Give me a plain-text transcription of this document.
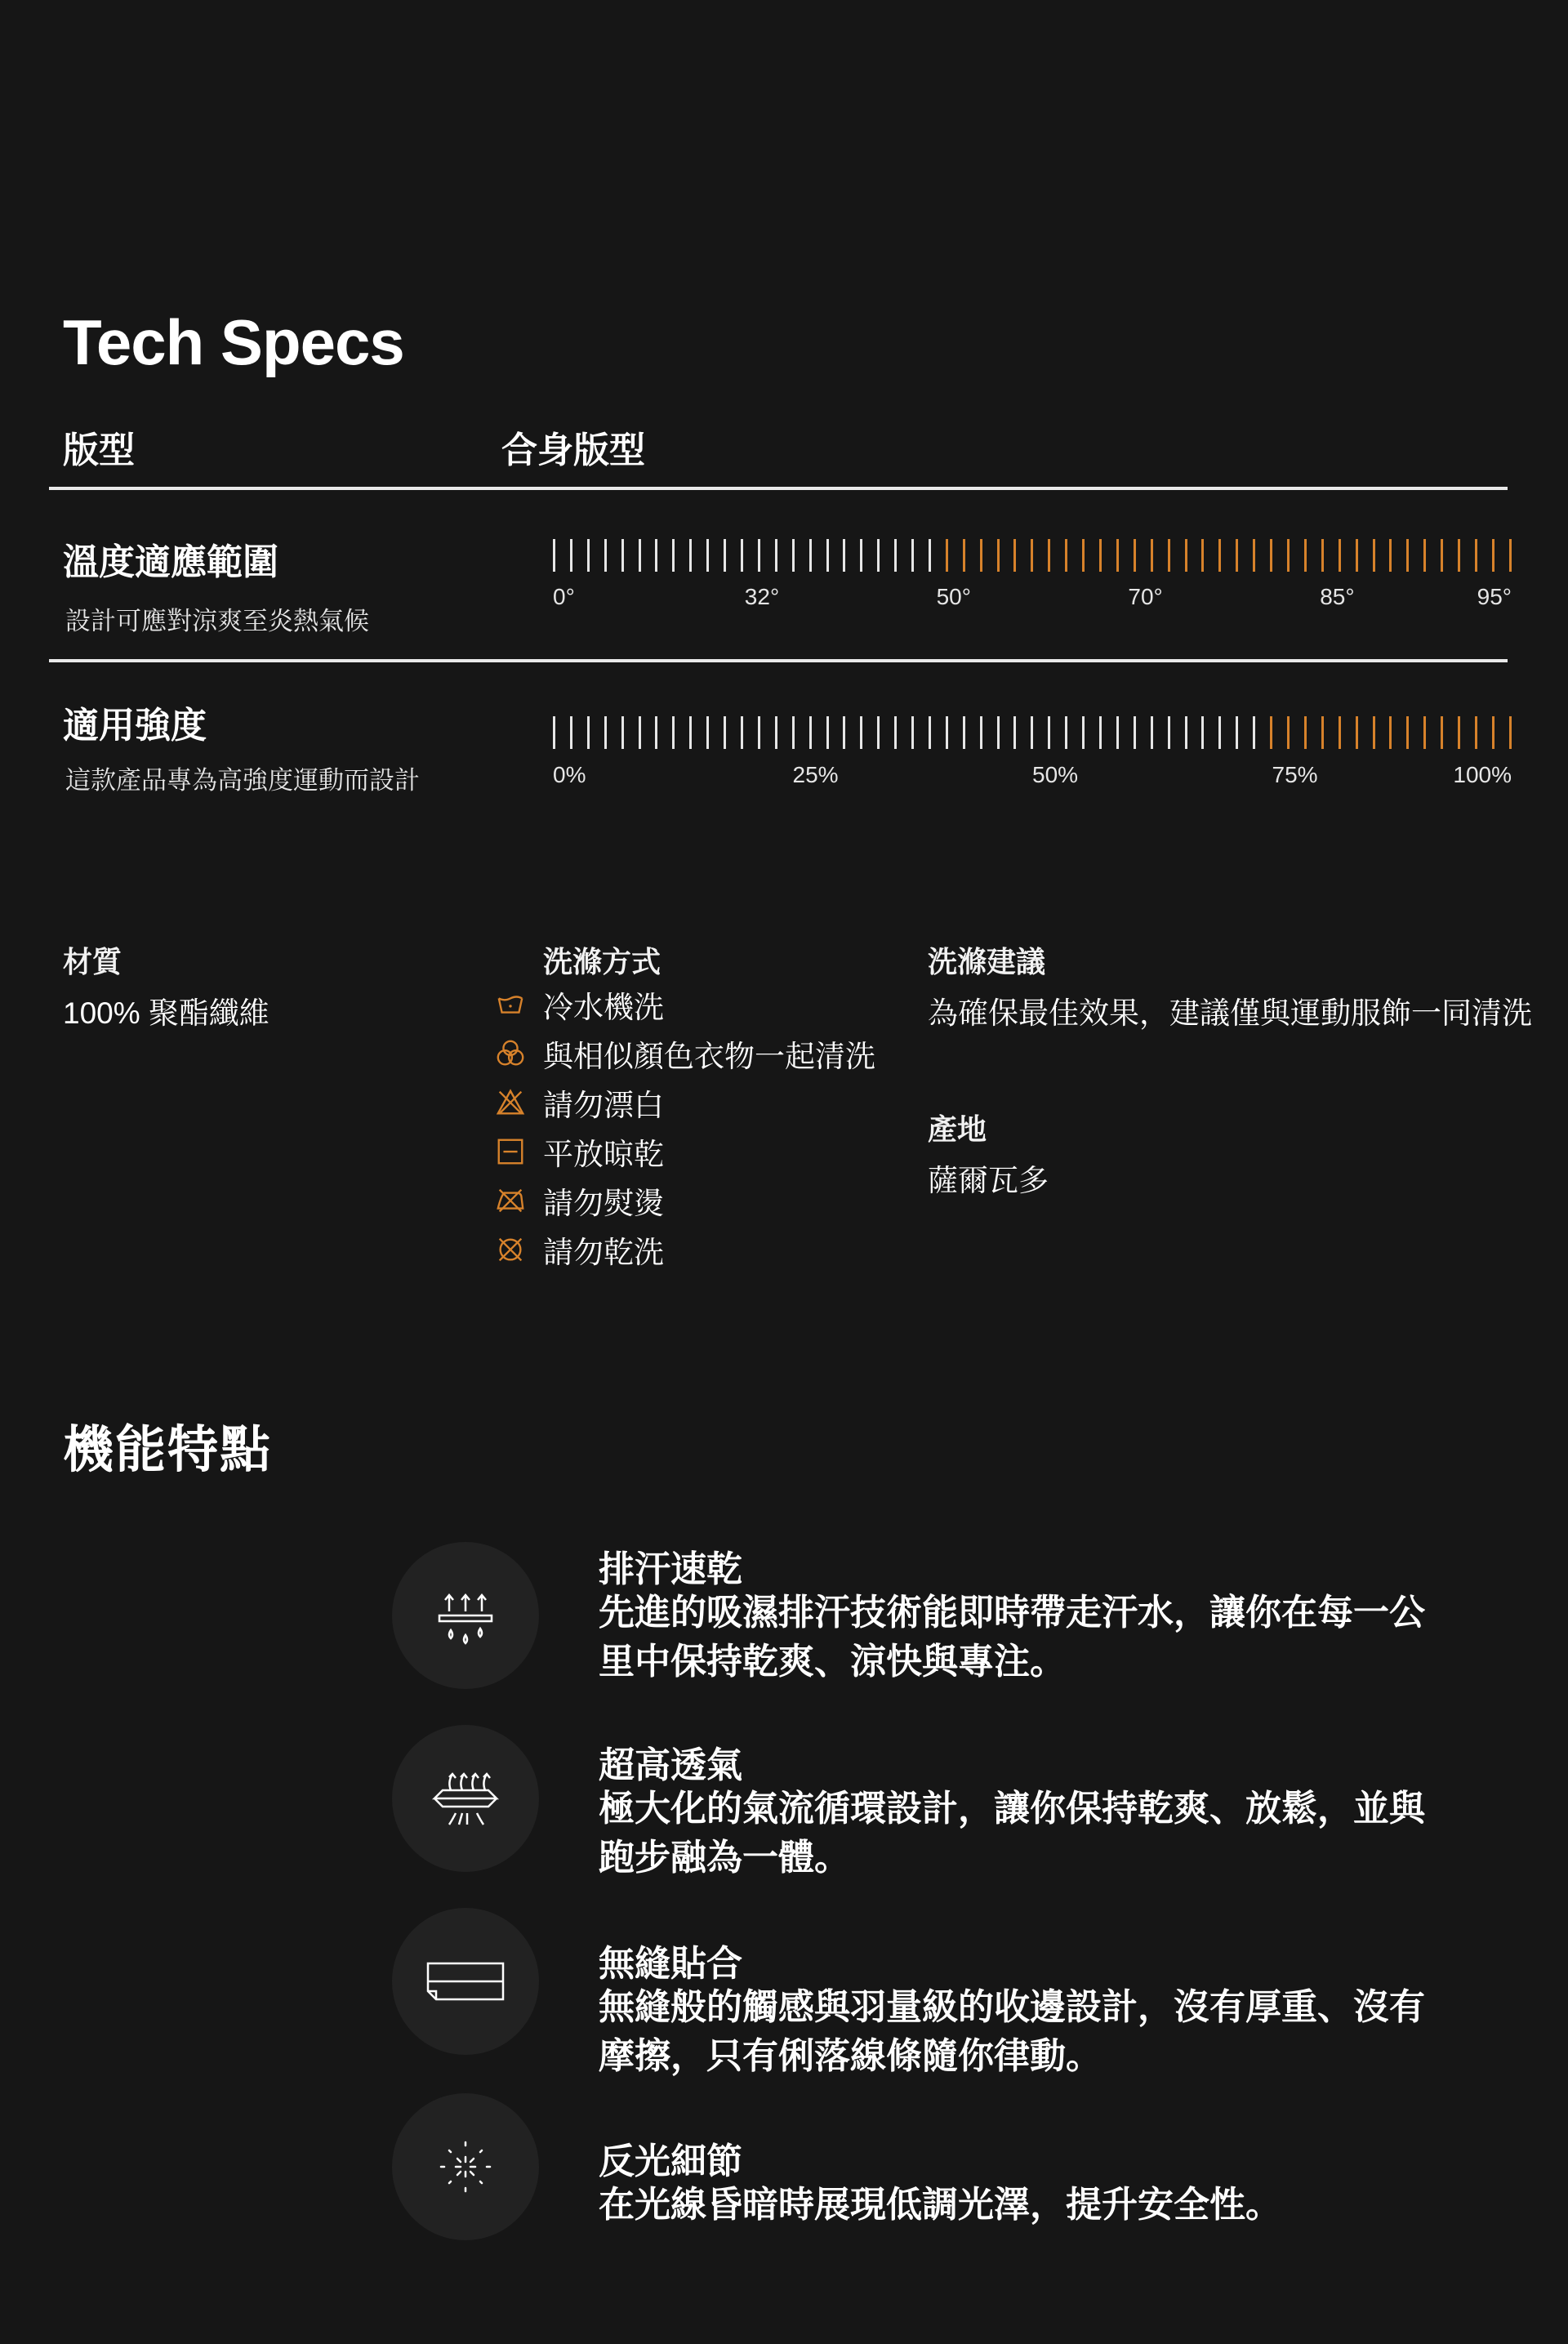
Tech Specs
版型	合身版型
溫度適應範圍
設計可應對涼爽至炎熱氣候
0°	32°	50°	70°	85°	95°
適用強度
這款產品專為高強度運動而設計	0%	25%	50%	75%	100%
材質
100% 聚酯纖維
洗滌方式
冷水機洗
與相似顏色衣物一起清洗
請勿漂白
平放晾乾
請勿熨燙
請勿乾洗
洗滌建議
為確保最佳效果，建議僅與運動服飾一同清洗
產地
薩爾瓦多
機能特點
排汗速乾
先進的吸濕排汗技術能即時帶走汗水，讓你在每一公里中保持乾爽、涼快與專注。
超高透氣
極大化的氣流循環設計，讓你保持乾爽、放鬆，並與跑步融為一體。
無縫貼合
無縫般的觸感與羽量級的收邊設計，沒有厚重、沒有摩擦，只有俐落線條隨你律動。
反光細節
在光線昏暗時展現低調光澤，提升安全性。
